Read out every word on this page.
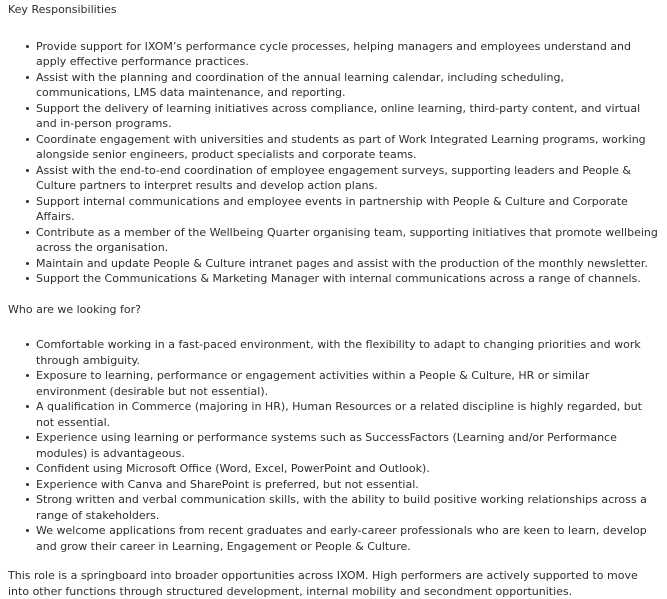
Key Responsibilities
Provide support for IXOM’s performance cycle processes, helping managers and employees understand and apply effective performance practices.
Assist with the planning and coordination of the annual learning calendar, including scheduling, communications, LMS data maintenance, and reporting.
Support the delivery of learning initiatives across compliance, online learning, third-party content, and virtual and in-person programs.
Coordinate engagement with universities and students as part of Work Integrated Learning programs, working alongside senior engineers, product specialists and corporate teams.
Assist with the end-to-end coordination of employee engagement surveys, supporting leaders and People & Culture partners to interpret results and develop action plans.
Support internal communications and employee events in partnership with People & Culture and Corporate Affairs.
Contribute as a member of the Wellbeing Quarter organising team, supporting initiatives that promote wellbeing across the organisation.
Maintain and update People & Culture intranet pages and assist with the production of the monthly newsletter.
Support the Communications & Marketing Manager with internal communications across a range of channels.
Who are we looking for?
Comfortable working in a fast-paced environment, with the flexibility to adapt to changing priorities and work through ambiguity.
Exposure to learning, performance or engagement activities within a People & Culture, HR or similar environment (desirable but not essential).
A qualification in Commerce (majoring in HR), Human Resources or a related discipline is highly regarded, but not essential.
Experience using learning or performance systems such as SuccessFactors (Learning and/or Performance modules) is advantageous.
Confident using Microsoft Office (Word, Excel, PowerPoint and Outlook).
Experience with Canva and SharePoint is preferred, but not essential.
Strong written and verbal communication skills, with the ability to build positive working relationships across a range of stakeholders.
We welcome applications from recent graduates and early-career professionals who are keen to learn, develop and grow their career in Learning, Engagement or People & Culture.

This role is a springboard into broader opportunities across IXOM. High performers are actively supported to move into other functions through structured development, internal mobility and secondment opportunities.
